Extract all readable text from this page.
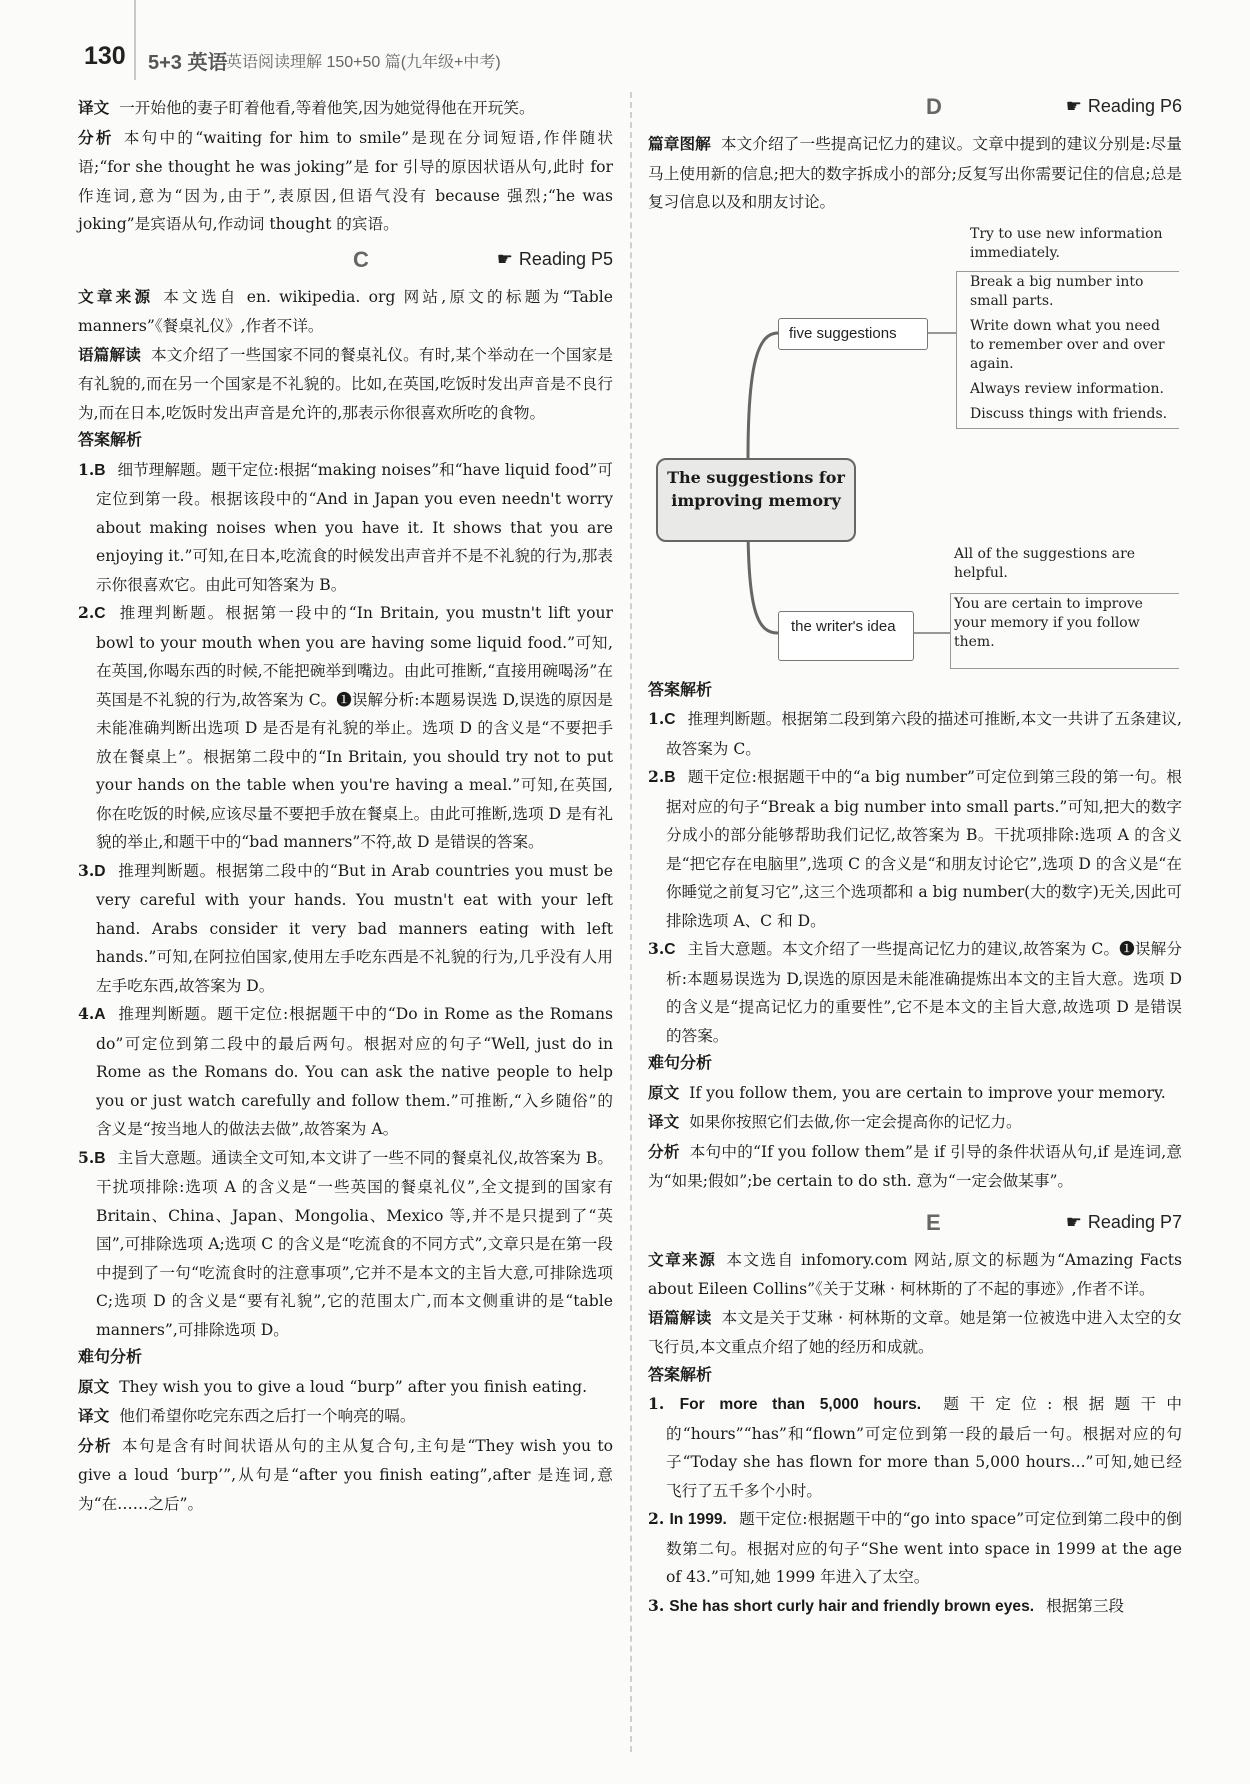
130 5+3 英语
英语阅读理解 150+50 篇(九年级+中考)

译文 一开始他的妻子盯着他看,等着他笑,因为她觉得他在开玩笑。

分析 本句中的“waiting for him to smile”是现在分词短语,作伴随状语;“for she thought he was joking”是 for 引导的原因状语从句,此时 for 作连词,意为“因为,由于”,表原因,但语气没有 because 强烈;“he was joking”是宾语从句,作动词 thought 的宾语。

C	☛ Reading P5

文章来源 本文选自 en. wikipedia. org 网站,原文的标题为“Table manners”《餐桌礼仪》,作者不详。

语篇解读 本文介绍了一些国家不同的餐桌礼仪。有时,某个举动在一个国家是有礼貌的,而在另一个国家是不礼貌的。比如,在英国,吃饭时发出声音是不良行为,而在日本,吃饭时发出声音是允许的,那表示你很喜欢所吃的食物。

答案解析

1.B 细节理解题。题干定位:根据“making noises”和“have liquid food”可定位到第一段。根据该段中的“And in Japan you even needn't worry about making noises when you have it. It shows that you are enjoying it.”可知,在日本,吃流食的时候发出声音并不是不礼貌的行为,那表示你很喜欢它。由此可知答案为 B。

2.C 推理判断题。根据第一段中的“In Britain, you mustn't lift your bowl to your mouth when you are having some liquid food.”可知,在英国,你喝东西的时候,不能把碗举到嘴边。由此可推断,“直接用碗喝汤”在英国是不礼貌的行为,故答案为 C。❶误解分析:本题易误选 D,误选的原因是未能准确判断出选项 D 是否是有礼貌的举止。选项 D 的含义是“不要把手放在餐桌上”。根据第二段中的“In Britain, you should try not to put your hands on the table when you're having a meal.”可知,在英国,你在吃饭的时候,应该尽量不要把手放在餐桌上。由此可推断,选项 D 是有礼貌的举止,和题干中的“bad manners”不符,故 D 是错误的答案。

3.D 推理判断题。根据第二段中的“But in Arab countries you must be very careful with your hands. You mustn't eat with your left hand. Arabs consider it very bad manners eating with left hands.”可知,在阿拉伯国家,使用左手吃东西是不礼貌的行为,几乎没有人用左手吃东西,故答案为 D。

4.A 推理判断题。题干定位:根据题干中的“Do in Rome as the Romans do”可定位到第二段中的最后两句。根据对应的句子“Well, just do in Rome as the Romans do. You can ask the native people to help you or just watch carefully and follow them.”可推断,“入乡随俗”的含义是“按当地人的做法去做”,故答案为 A。

5.B 主旨大意题。通读全文可知,本文讲了一些不同的餐桌礼仪,故答案为 B。干扰项排除:选项 A 的含义是“一些英国的餐桌礼仪”,全文提到的国家有 Britain、China、Japan、Mongolia、Mexico 等,并不是只提到了“英国”,可排除选项 A;选项 C 的含义是“吃流食的不同方式”,文章只是在第一段中提到了一句“吃流食时的注意事项”,它并不是本文的主旨大意,可排除选项 C;选项 D 的含义是“要有礼貌”,它的范围太广,而本文侧重讲的是“table manners”,可排除选项 D。

难句分析

原文 They wish you to give a loud “burp” after you finish eating.

译文 他们希望你吃完东西之后打一个响亮的嗝。

分析 本句是含有时间状语从句的主从复合句,主句是“They wish you to give a loud ‘burp’”,从句是“after you finish eating”,after 是连词,意为“在……之后”。

D	☛ Reading P6

篇章图解 本文介绍了一些提高记忆力的建议。文章中提到的建议分别是:尽量马上使用新的信息;把大的数字拆成小的部分;反复写出你需要记住的信息;总是复习信息以及和朋友讨论。

The suggestions for improving memory
five suggestions
the writer's idea
Try to use new information immediately.
Break a big number into small parts.
Write down what you need to remember over and over again.
Always review information.
Discuss things with friends.
All of the suggestions are helpful.
You are certain to improve your memory if you follow them.

答案解析

1.C 推理判断题。根据第二段到第六段的描述可推断,本文一共讲了五条建议,故答案为 C。

2.B 题干定位:根据题干中的“a big number”可定位到第三段的第一句。根据对应的句子“Break a big number into small parts.”可知,把大的数字分成小的部分能够帮助我们记忆,故答案为 B。干扰项排除:选项 A 的含义是“把它存在电脑里”,选项 C 的含义是“和朋友讨论它”,选项 D 的含义是“在你睡觉之前复习它”,这三个选项都和 a big number(大的数字)无关,因此可排除选项 A、C 和 D。

3.C 主旨大意题。本文介绍了一些提高记忆力的建议,故答案为 C。❶误解分析:本题易误选为 D,误选的原因是未能准确提炼出本文的主旨大意。选项 D 的含义是“提高记忆力的重要性”,它不是本文的主旨大意,故选项 D 是错误的答案。

难句分析

原文 If you follow them, you are certain to improve your memory.

译文 如果你按照它们去做,你一定会提高你的记忆力。

分析 本句中的“If you follow them”是 if 引导的条件状语从句,if 是连词,意为“如果;假如”;be certain to do sth. 意为“一定会做某事”。

E	☛ Reading P7

文章来源 本文选自 infomory.com 网站,原文的标题为“Amazing Facts about Eileen Collins”《关于艾琳 · 柯林斯的了不起的事迹》,作者不详。

语篇解读 本文是关于艾琳 · 柯林斯的文章。她是第一位被选中进入太空的女飞行员,本文重点介绍了她的经历和成就。

答案解析

1. For more than 5,000 hours. 题干定位:根据题干中的“hours”“has”和“flown”可定位到第一段的最后一句。根据对应的句子“Today she has flown for more than 5,000 hours...”可知,她已经飞行了五千多个小时。

2. In 1999. 题干定位:根据题干中的“go into space”可定位到第二段中的倒数第二句。根据对应的句子“She went into space in 1999 at the age of 43.”可知,她 1999 年进入了太空。

3. She has short curly hair and friendly brown eyes. 根据第三段
